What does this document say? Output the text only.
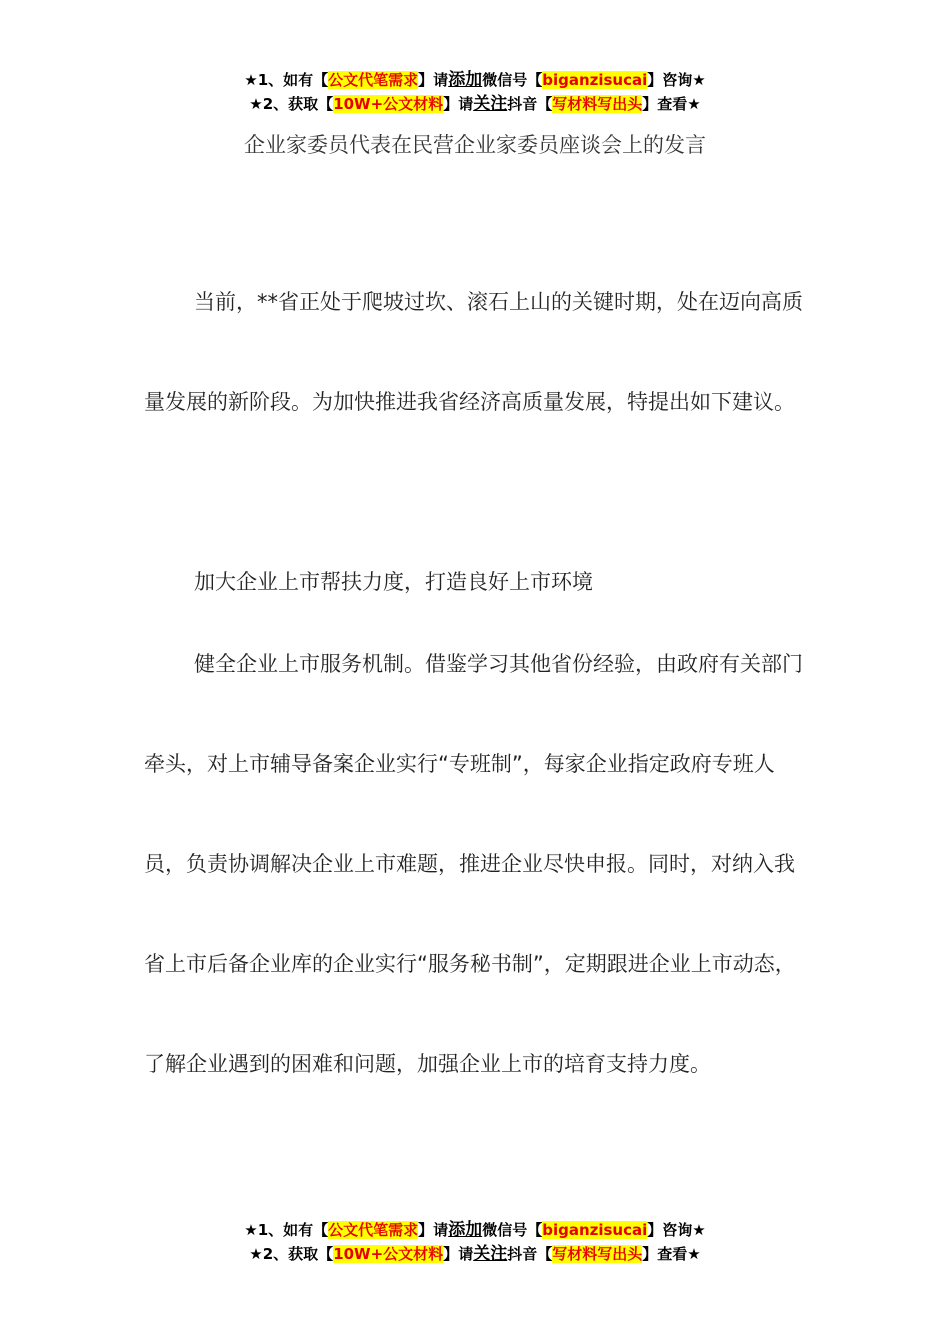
★1、如有【公文代笔需求】请添加微信号【biganzisucai】咨询★
★2、获取【10W+公文材料】请关注抖音【写材料写出头】查看★
企业家委员代表在民营企业家委员座谈会上的发言
当前，**省正处于爬坡过坎、滚石上山的关键时期，处在迈向高质量发展的新阶段。为加快推进我省经济高质量发展，特提出如下建议。
加大企业上市帮扶力度，打造良好上市环境
健全企业上市服务机制。借鉴学习其他省份经验，由政府有关部门牵头，对上市辅导备案企业实行“专班制”，每家企业指定政府专班人员，负责协调解决企业上市难题，推进企业尽快申报。同时，对纳入我省上市后备企业库的企业实行“服务秘书制”，定期跟进企业上市动态，了解企业遇到的困难和问题，加强企业上市的培育支持力度。
★1、如有【公文代笔需求】请添加微信号【biganzisucai】咨询★
★2、获取【10W+公文材料】请关注抖音【写材料写出头】查看★
